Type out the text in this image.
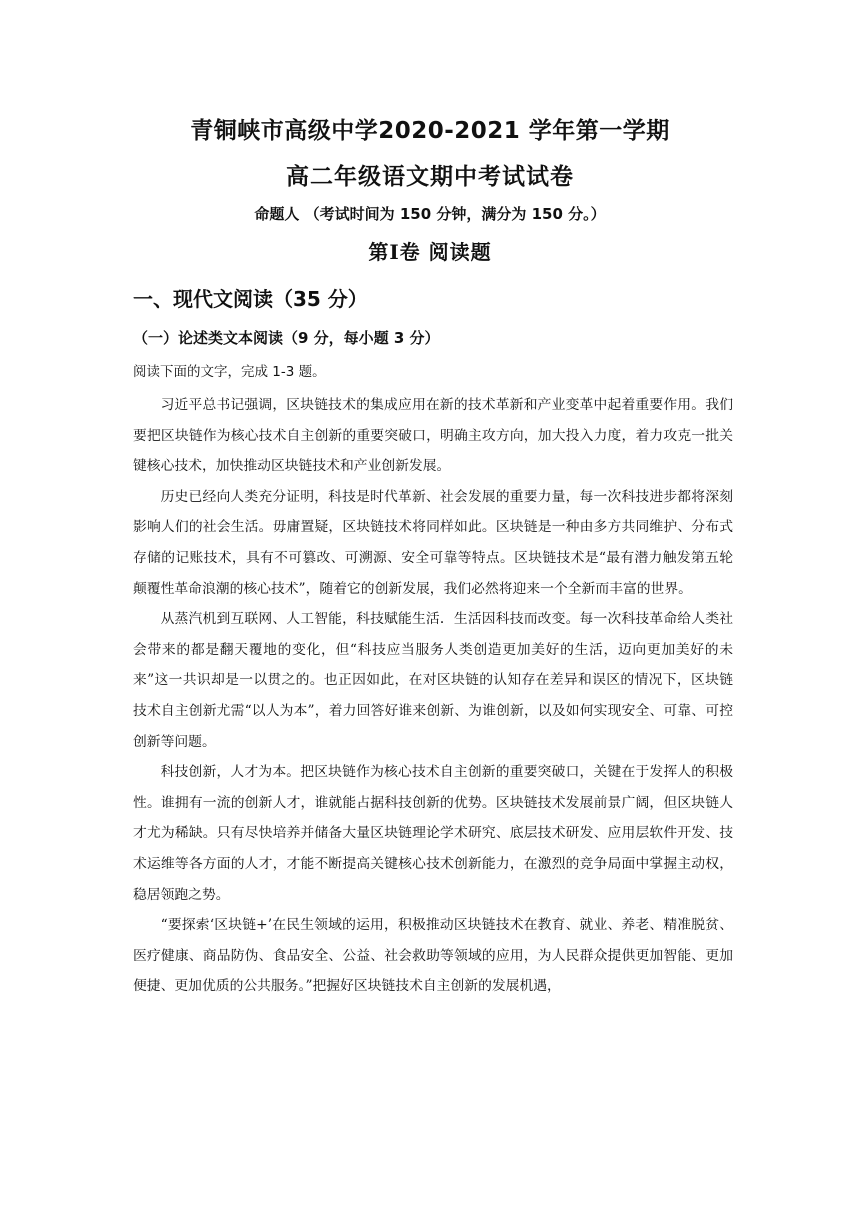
青铜峡市高级中学2020-2021 学年第一学期
高二年级语文期中考试试卷
命题人 （考试时间为 150 分钟，满分为 150 分。）
第Ⅰ卷 阅读题
一、现代文阅读（35 分）
（一）论述类文本阅读（9 分，每小题 3 分）
阅读下面的文字，完成 1-3 题。

习近平总书记强调，区块链技术的集成应用在新的技术革新和产业变革中起着重要作用。我们要把区块链作为核心技术自主创新的重要突破口，明确主攻方向，加大投入力度，着力攻克一批关键核心技术，加快推动区块链技术和产业创新发展。

历史已经向人类充分证明，科技是时代革新、社会发展的重要力量，每一次科技进步都将深刻影响人们的社会生活。毋庸置疑，区块链技术将同样如此。区块链是一种由多方共同维护、分布式存储的记账技术，具有不可篡改、可溯源、安全可靠等特点。区块链技术是“最有潜力触发第五轮颠覆性革命浪潮的核心技术”，随着它的创新发展，我们必然将迎来一个全新而丰富的世界。

从蒸汽机到互联网、人工智能，科技赋能生活．生活因科技而改变。每一次科技革命给人类社会带来的都是翻天覆地的变化，但“科技应当服务人类创造更加美好的生活，迈向更加美好的未来”这一共识却是一以贯之的。也正因如此，在对区块链的认知存在差异和误区的情况下，区块链技术自主创新尤需“以人为本”，着力回答好谁来创新、为谁创新，以及如何实现安全、可靠、可控创新等问题。

科技创新，人才为本。把区块链作为核心技术自主创新的重要突破口，关键在于发挥人的积极性。谁拥有一流的创新人才，谁就能占据科技创新的优势。区块链技术发展前景广阔，但区块链人才尤为稀缺。只有尽快培养并储备大量区块链理论学术研究、底层技术研发、应用层软件开发、技术运维等各方面的人才，才能不断提高关键核心技术创新能力，在激烈的竞争局面中掌握主动权，稳居领跑之势。

“要探索‘区块链+’在民生领域的运用，积极推动区块链技术在教育、就业、养老、精准脱贫、医疗健康、商品防伪、食品安全、公益、社会救助等领域的应用，为人民群众提供更加智能、更加便捷、更加优质的公共服务。”把握好区块链技术自主创新的发展机遇，
